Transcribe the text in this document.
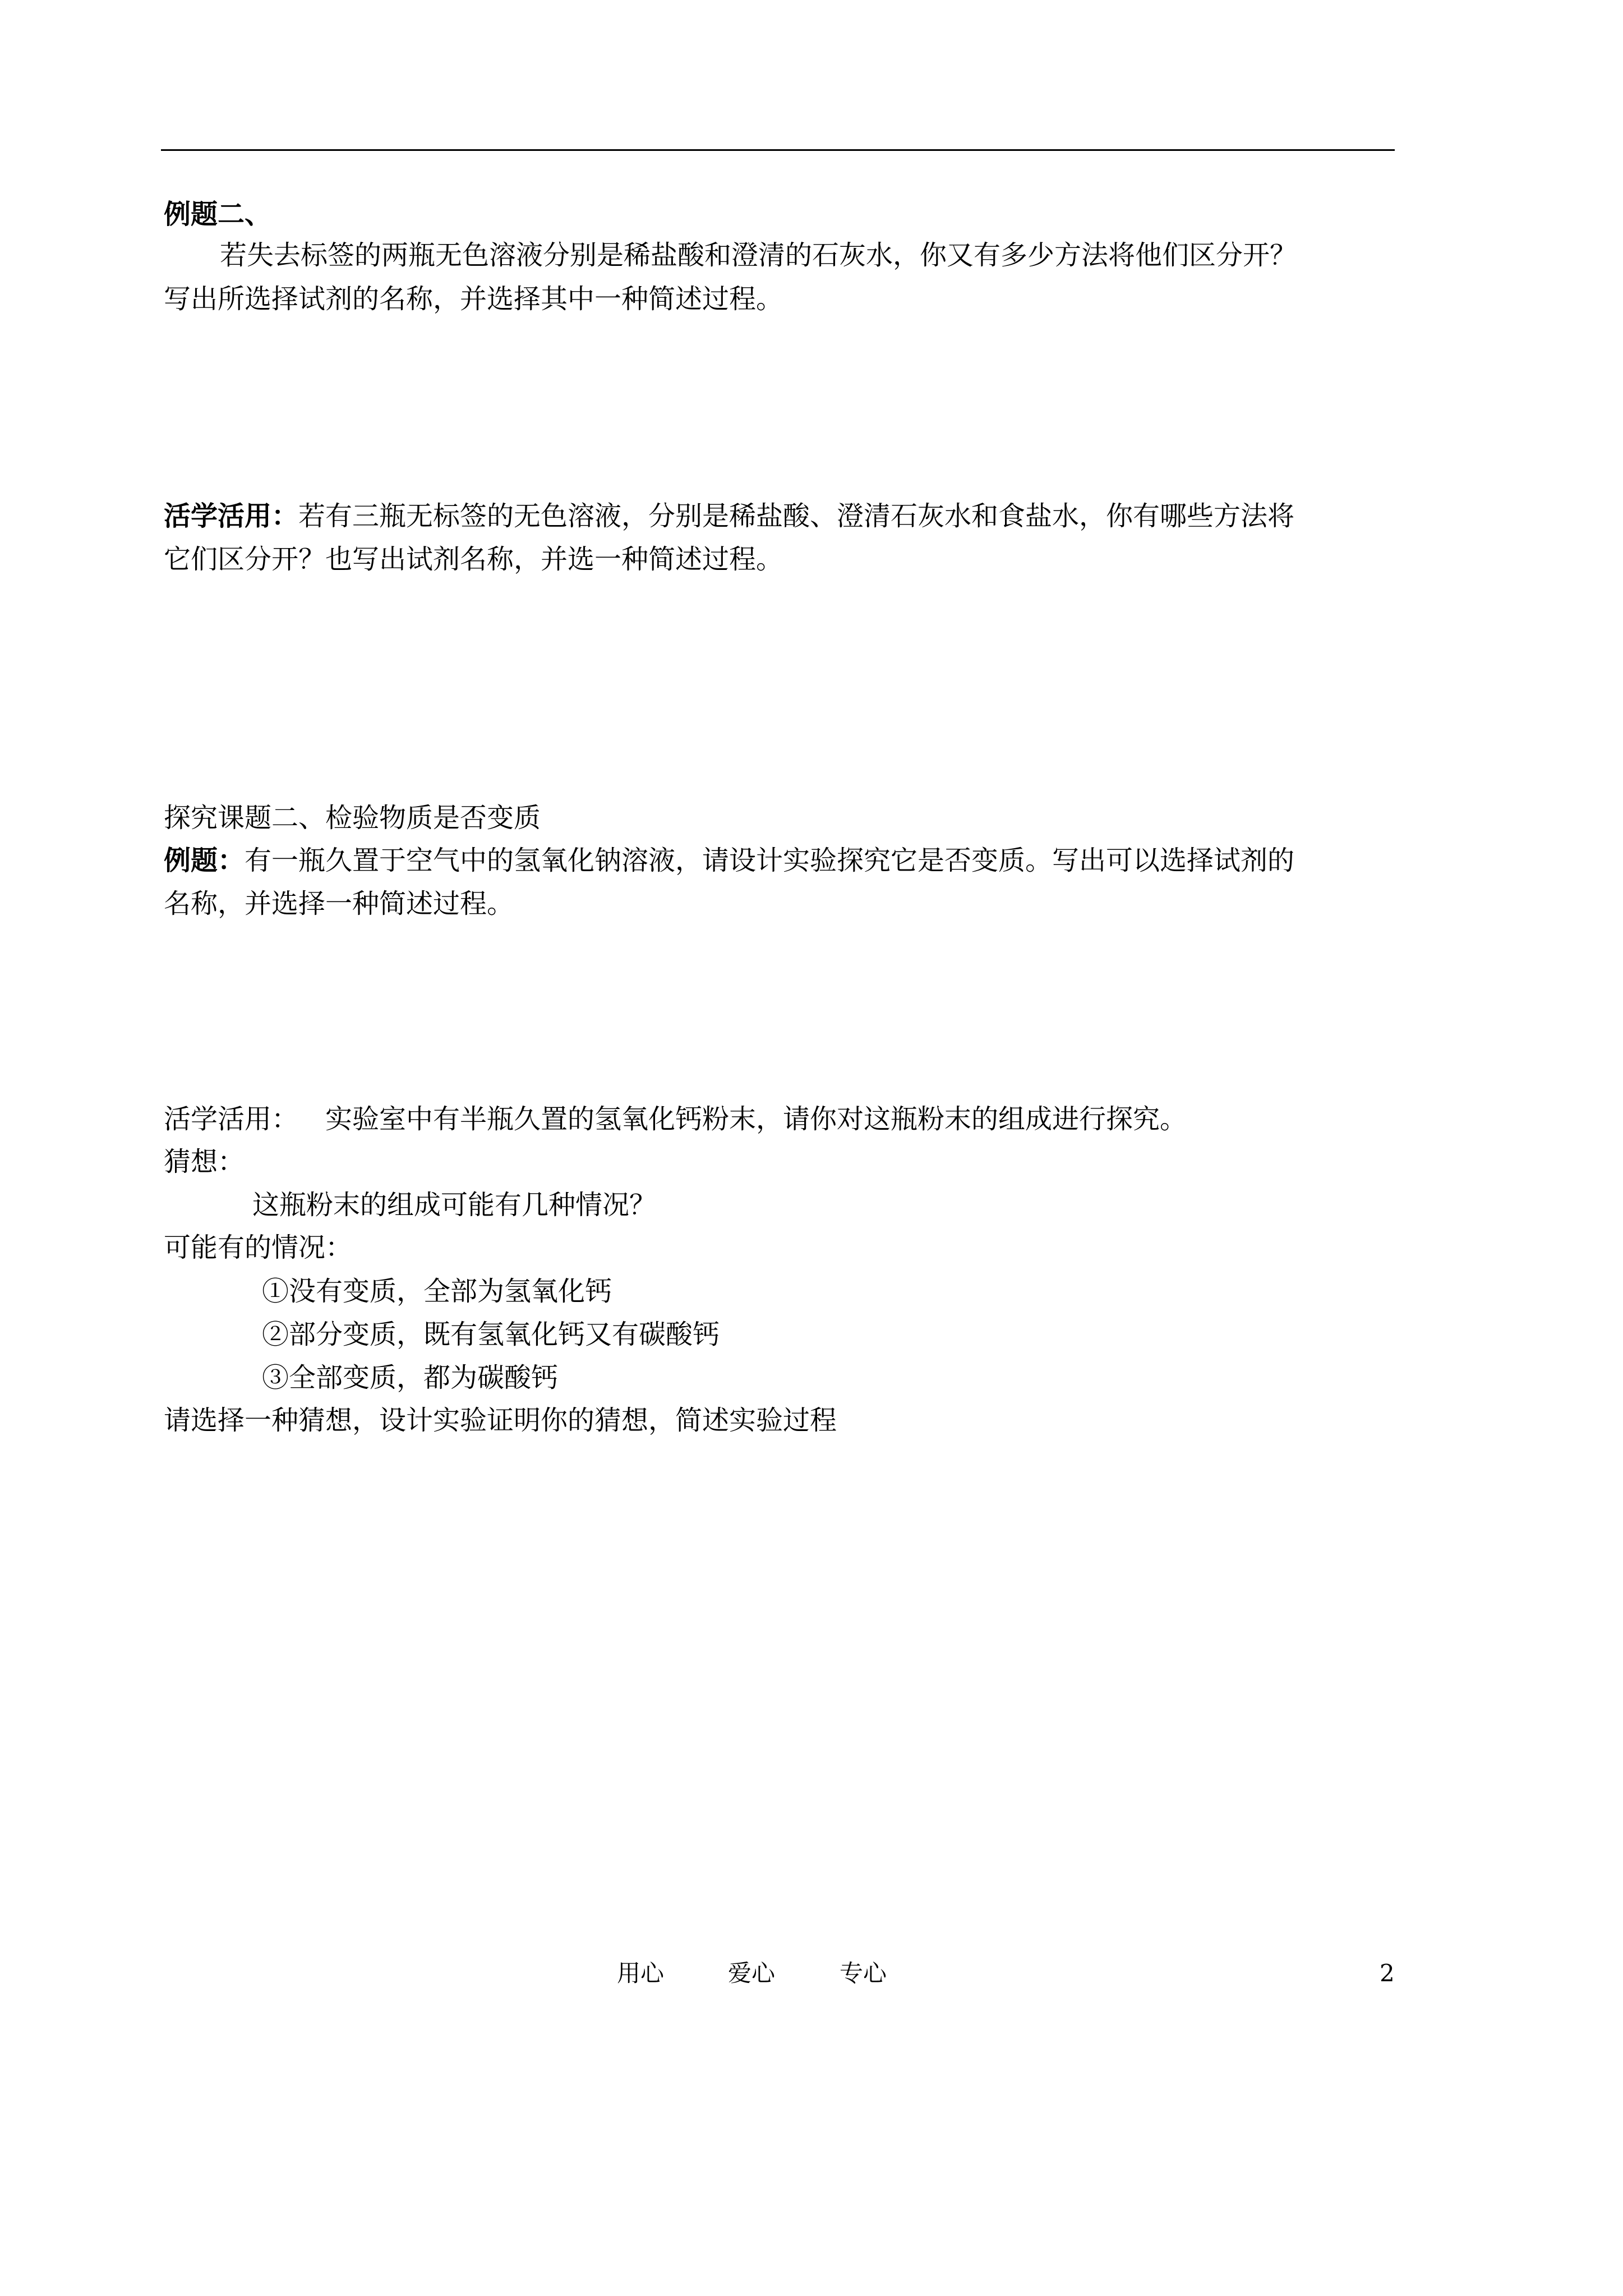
例题二、
若失去标签的两瓶无色溶液分别是稀盐酸和澄清的石灰水，你又有多少方法将他们区分开？
写出所选择试剂的名称，并选择其中一种简述过程。
活学活用：若有三瓶无标签的无色溶液，分别是稀盐酸、澄清石灰水和食盐水，你有哪些方法将
它们区分开？也写出试剂名称，并选一种简述过程。
探究课题二、检验物质是否变质
例题：有一瓶久置于空气中的氢氧化钠溶液，请设计实验探究它是否变质。写出可以选择试剂的
名称，并选择一种简述过程。
活学活用： 实验室中有半瓶久置的氢氧化钙粉末，请你对这瓶粉末的组成进行探究。
猜想：
这瓶粉末的组成可能有几种情况？
可能有的情况：
①没有变质，全部为氢氧化钙
②部分变质，既有氢氧化钙又有碳酸钙
③全部变质，都为碳酸钙
请选择一种猜想，设计实验证明你的猜想，简述实验过程
用心	爱心	专心	2
